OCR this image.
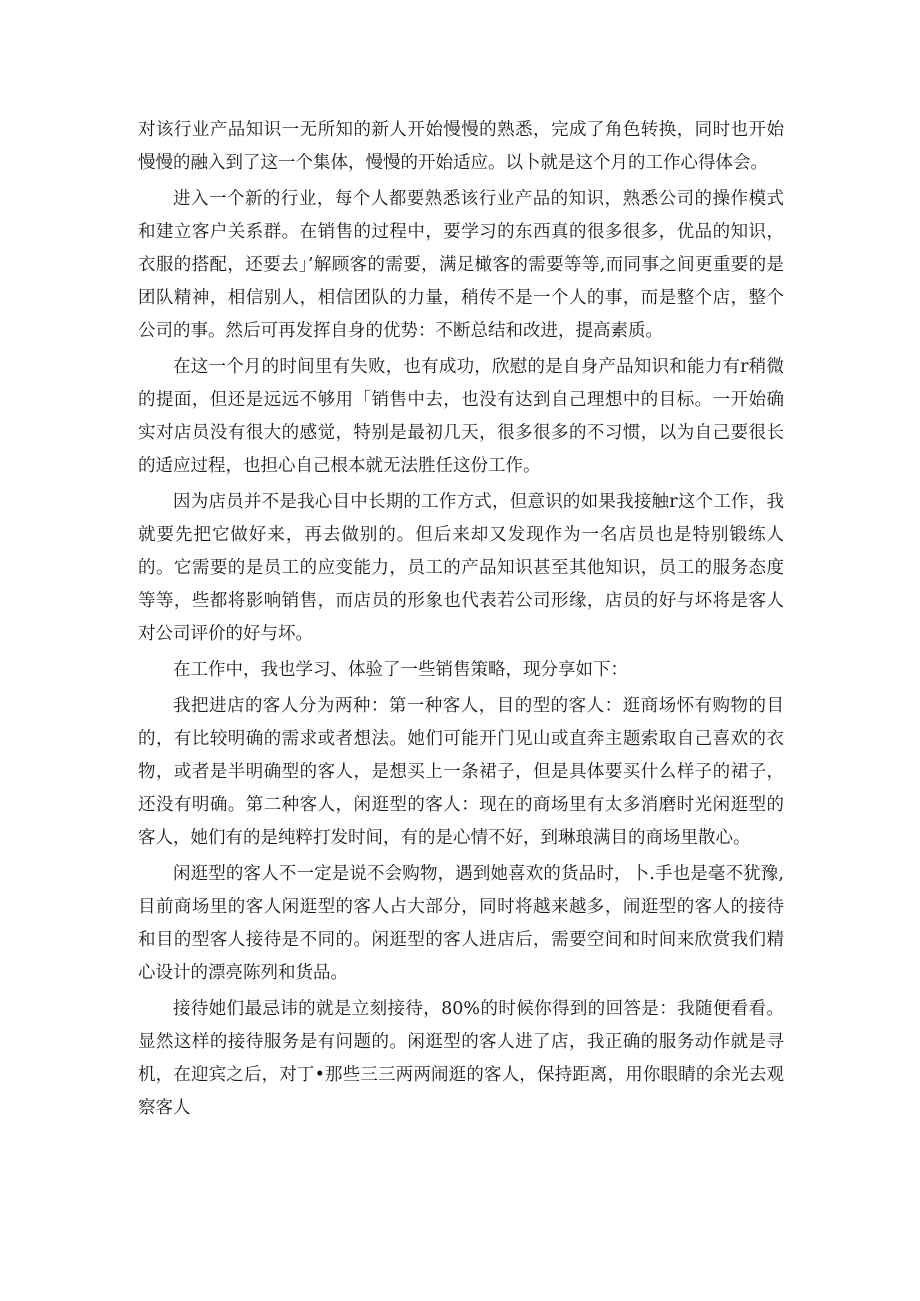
对该行业产品知识一无所知的新人开始慢慢的熟悉，完成了角色转换，同时也开始慢慢的融入到了这一个集体，慢慢的开始适应。以卜就是这个月的工作心得体会。

进入一个新的行业，每个人都要熟悉该行业产品的知识，熟悉公司的操作模式和建立客户关系群。在销售的过程中，要学习的东西真的很多很多，优品的知识，衣服的搭配，还要去」’解顾客的需要，满足橄客的需要等等,而同事之间更重要的是团队精神，相信别人，相信团队的力量，稍传不是一个人的事，而是整个店，整个公司的事。然后可再发挥自身的优势：不断总结和改进，提高素质。

在这一个月的时间里有失败，也有成功，欣慰的是自身产品知识和能力有r稍微的提面，但还是远远不够用「销售中去，也没有达到自己理想中的目标。一开始确实对店员没有很大的感觉，特别是最初几天，很多很多的不习惯，以为自己要很长的适应过程，也担心自己根本就无法胜任这份工作。

因为店员并不是我心目中长期的工作方式，但意识的如果我接触r这个工作，我就要先把它做好来，再去做别的。但后来却又发现作为一名店员也是特别锻练人的。它需要的是员工的应变能力，员工的产品知识甚至其他知识，员工的服务态度等等，些都将影响销售，而店员的形象也代表若公司形缘，店员的好与坏将是客人对公司评价的好与坏。

在工作中，我也学习、体验了一些销售策略，现分享如下：

我把进店的客人分为两种：第一种客人，目的型的客人：逛商场怀有购物的目的，有比较明确的需求或者想法。她们可能开门见山或直奔主题索取自己喜欢的衣物，或者是半明确型的客人，是想买上一条裙子，但是具体要买什么样子的裙子，还没有明确。第二种客人，闲逛型的客人：现在的商场里有太多消磨时光闲逛型的客人，她们有的是纯粹打发时间，有的是心情不好，到琳琅满目的商场里散心。

闲逛型的客人不一定是说不会购物，遇到她喜欢的货品时，卜.手也是毫不犹豫,目前商场里的客人闲逛型的客人占大部分，同时将越来越多，闹逛型的客人的接待和目的型客人接待是不同的。闲逛型的客人进店后，需要空间和时间来欣赏我们精心设计的漂亮陈列和货品。

接待她们最忌讳的就是立刻接待，80%的时候你得到的回答是：我随便看看。显然这样的接待服务是有问题的。闲逛型的客人进了店，我正确的服务动作就是寻机，在迎宾之后，对丁•那些三三两两闹逛的客人，保持距离，用你眼睛的余光去观察客人
